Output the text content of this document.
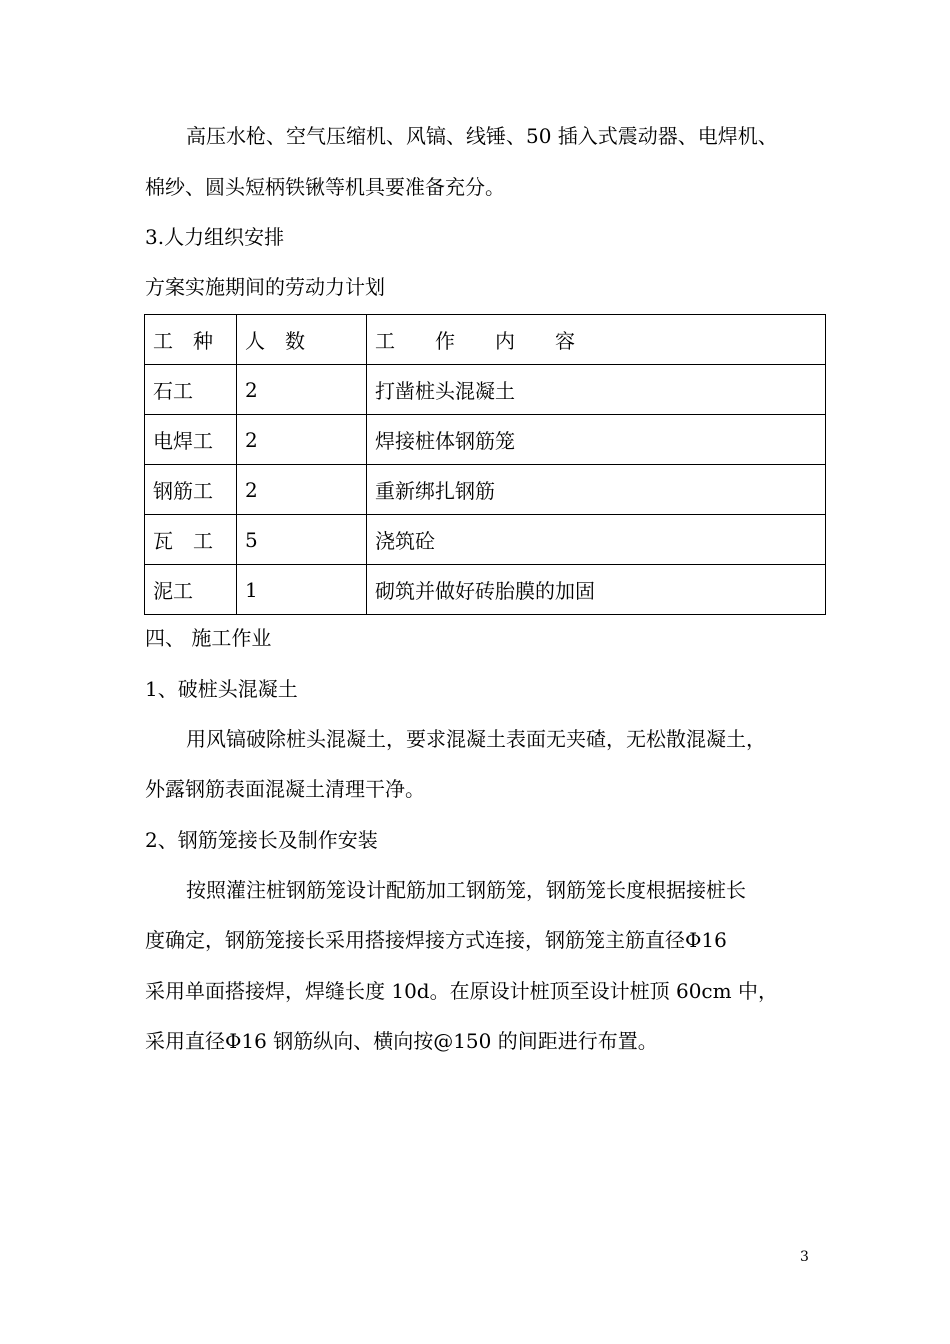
高压水枪、空气压缩机、风镐、线锤、50 插入式震动器、电焊机、
棉纱、圆头短柄铁锹等机具要准备充分。
3.人力组织安排
方案实施期间的劳动力计划
工　种	人　数	工　　作　　内　　容
石工	2	打凿桩头混凝土
电焊工	2	焊接桩体钢筋笼
钢筋工	2	重新绑扎钢筋
瓦　工	5	浇筑砼
泥工	1	砌筑并做好砖胎膜的加固
四、 施工作业
1、破桩头混凝土
用风镐破除桩头混凝土，要求混凝土表面无夹碴，无松散混凝土，
外露钢筋表面混凝土清理干净。
2、钢筋笼接长及制作安装
按照灌注桩钢筋笼设计配筋加工钢筋笼，钢筋笼长度根据接桩长
度确定，钢筋笼接长采用搭接焊接方式连接，钢筋笼主筋直径Φ16
采用单面搭接焊，焊缝长度 10d。在原设计桩顶至设计桩顶 60cm 中，
采用直径Φ16 钢筋纵向、横向按@150 的间距进行布置。
3
